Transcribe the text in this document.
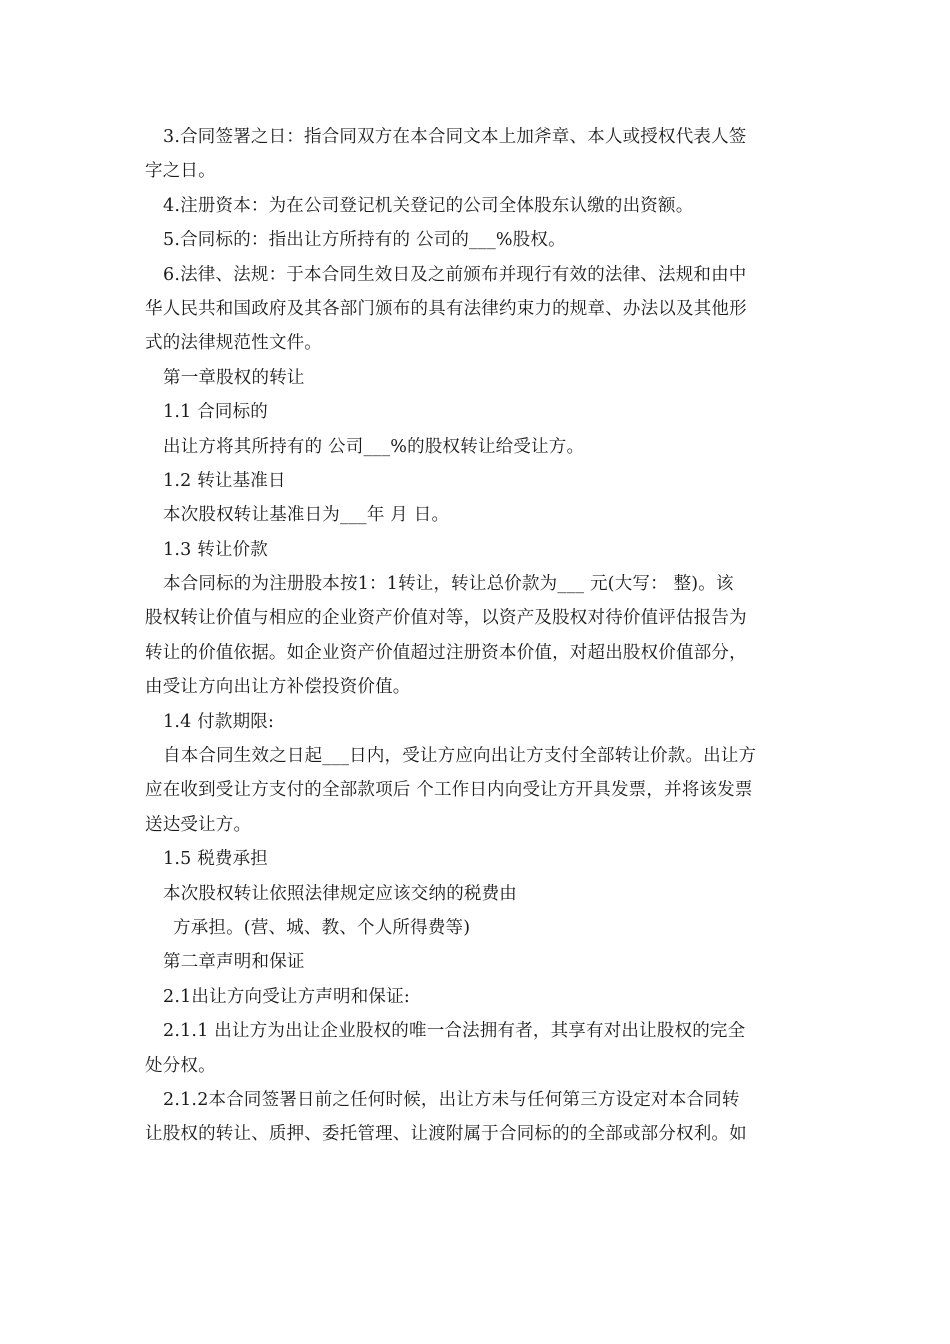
3.合同签署之日：指合同双方在本合同文本上加斧章、本人或授权代表人签
字之日。
4.注册资本：为在公司登记机关登记的公司全体股东认缴的出资额。
5.合同标的：指出让方所持有的 公司的___%股权。
6.法律、法规：于本合同生效日及之前颁布并现行有效的法律、法规和由中
华人民共和国政府及其各部门颁布的具有法律约束力的规章、办法以及其他形
式的法律规范性文件。
第一章股权的转让
1.1 合同标的
出让方将其所持有的 公司___%的股权转让给受让方。
1.2 转让基准日
本次股权转让基准日为___年 月 日。
1.3 转让价款
本合同标的为注册股本按1：1转让，转让总价款为___ 元(大写： 整)。该
股权转让价值与相应的企业资产价值对等，以资产及股权对待价值评估报告为
转让的价值依据。如企业资产价值超过注册资本价值，对超出股权价值部分，
由受让方向出让方补偿投资价值。
1.4 付款期限:
自本合同生效之日起___日内，受让方应向出让方支付全部转让价款。出让方
应在收到受让方支付的全部款项后 个工作日内向受让方开具发票，并将该发票
送达受让方。
1.5 税费承担
本次股权转让依照法律规定应该交纳的税费由
方承担。(营、城、教、个人所得费等)
第二章声明和保证
2.1出让方向受让方声明和保证:
2.1.1 出让方为出让企业股权的唯一合法拥有者，其享有对出让股权的完全
处分权。
2.1.2本合同签署日前之任何时候，出让方未与任何第三方设定对本合同转
让股权的转让、质押、委托管理、让渡附属于合同标的的全部或部分权利。如
